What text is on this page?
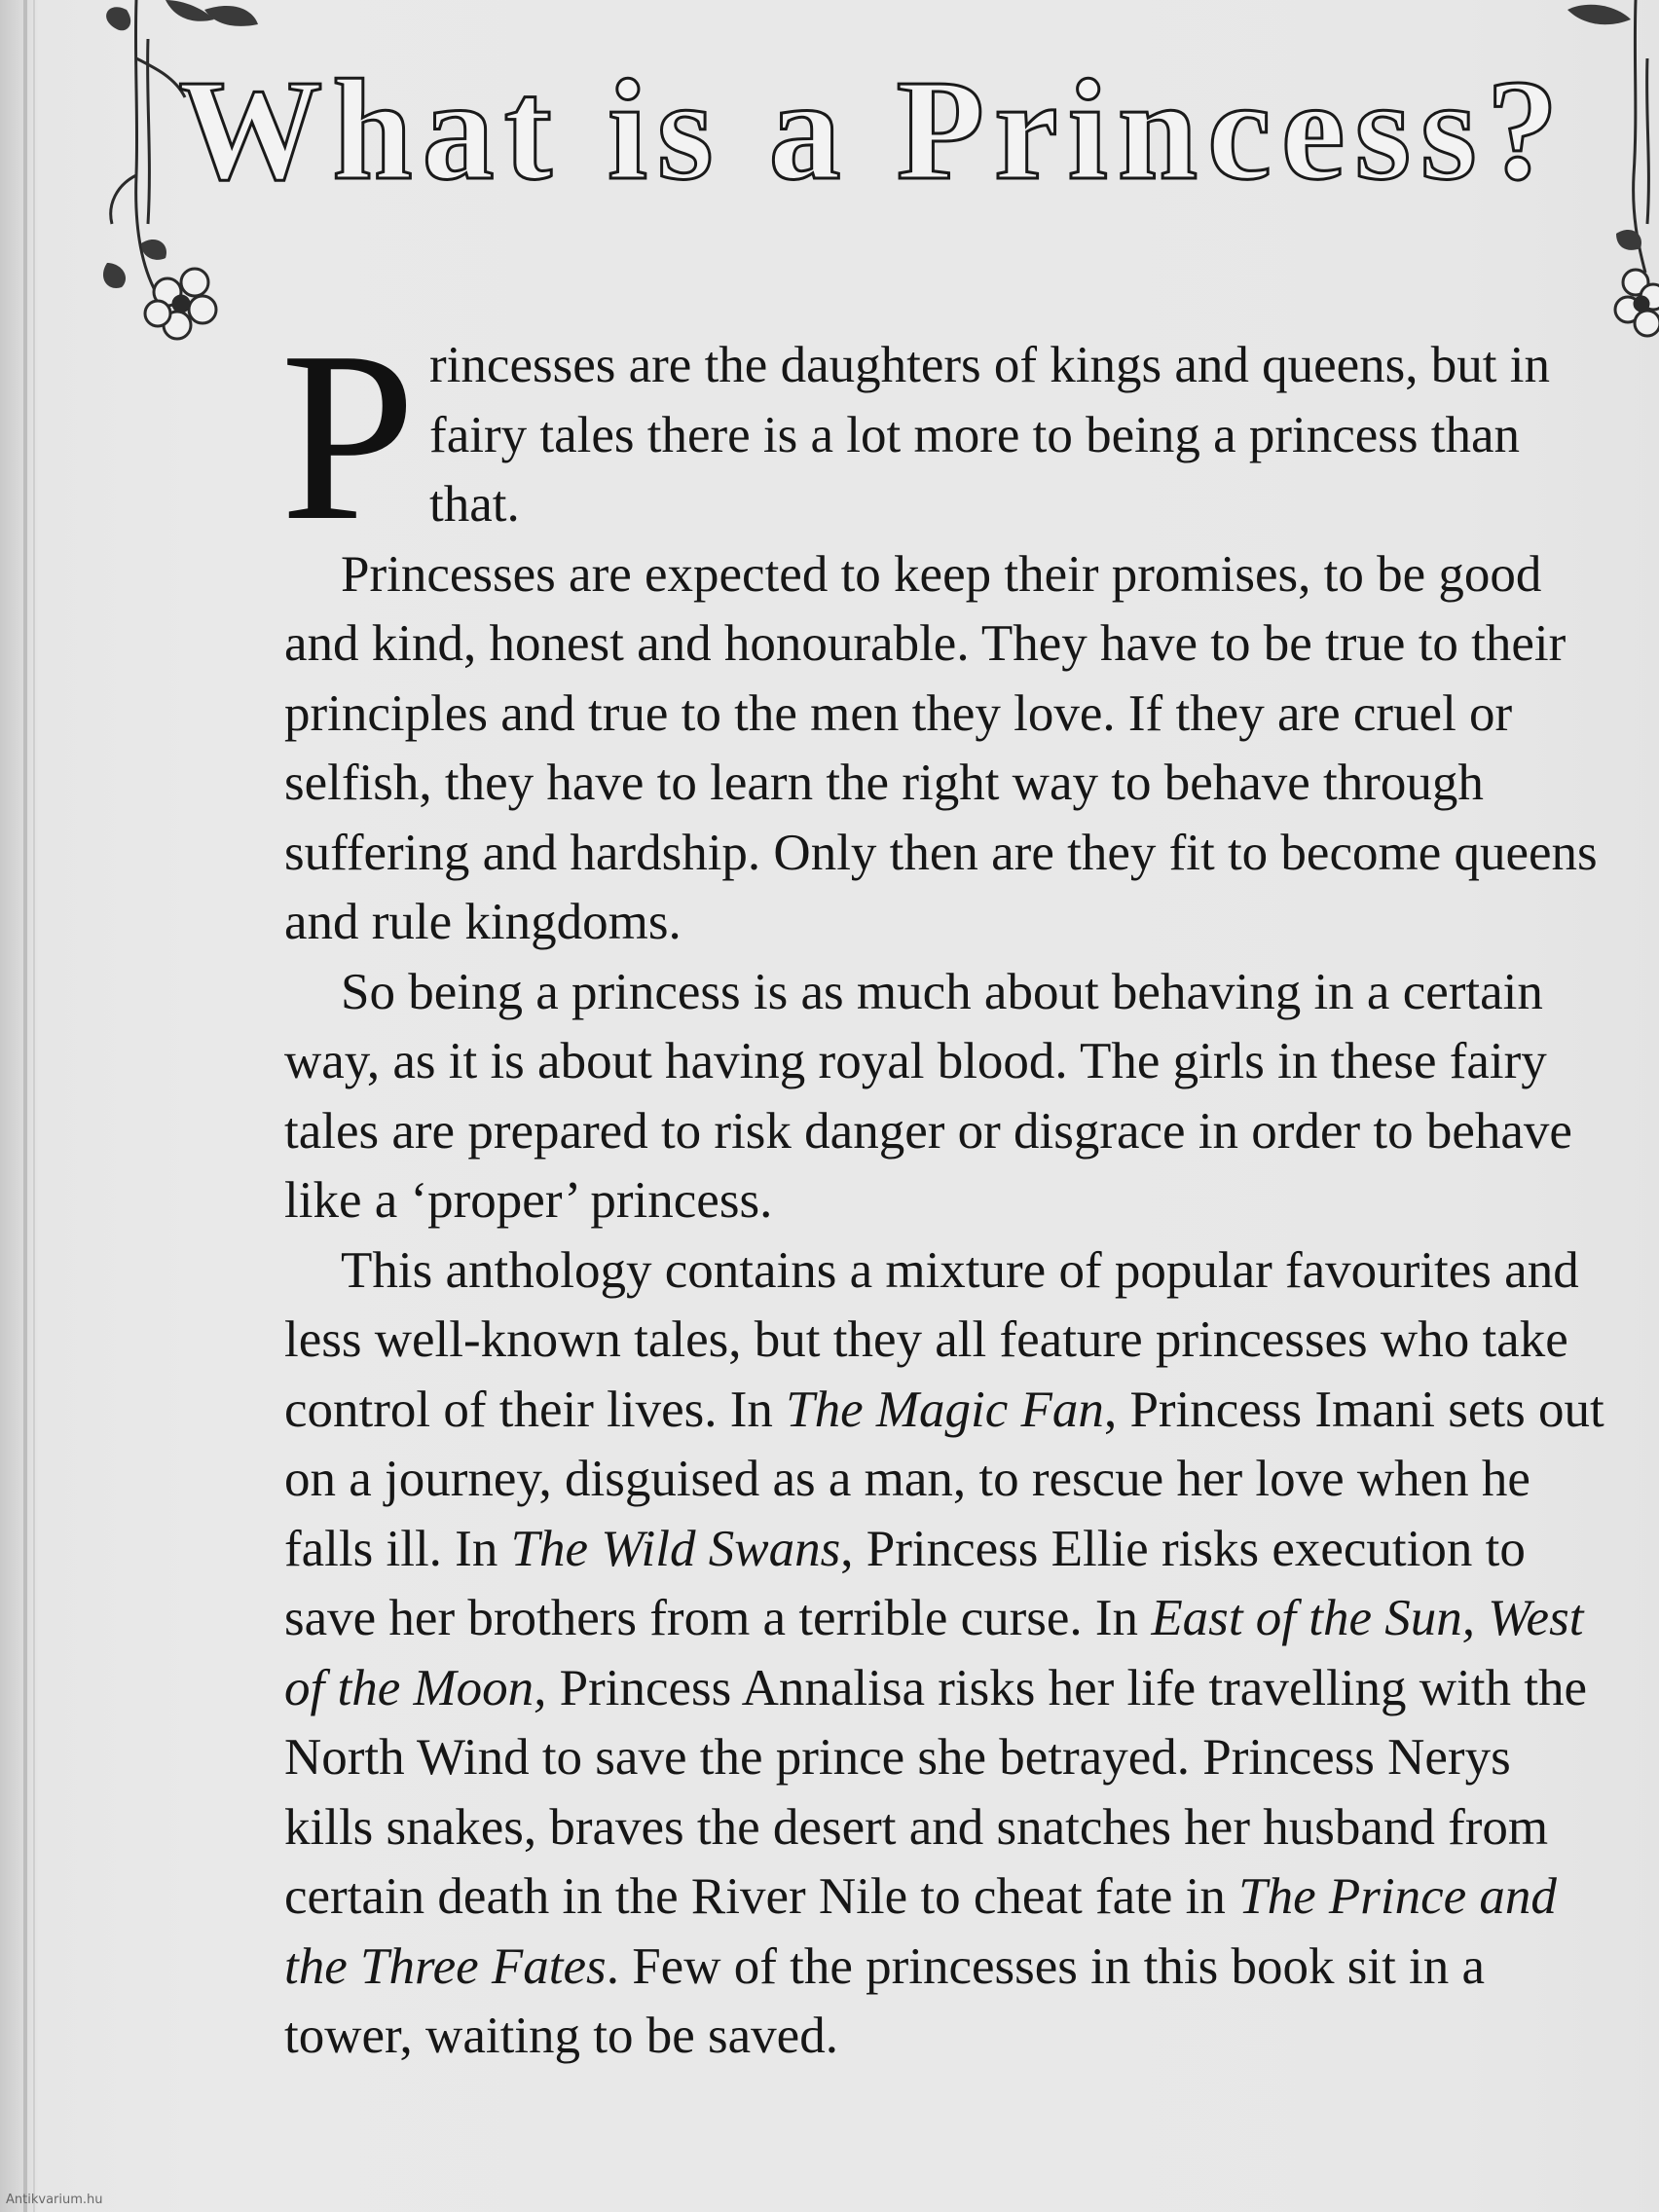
What is a Princess?

Princesses are the daughters of kings and queens, but in fairy tales there is a lot more to being a princess than that.

Princesses are expected to keep their promises, to be good and kind, honest and honourable. They have to be true to their principles and true to the men they love. If they are cruel or selfish, they have to learn the right way to behave through suffering and hardship. Only then are they fit to become queens and rule kingdoms.

So being a princess is as much about behaving in a certain way, as it is about having royal blood. The girls in these fairy tales are prepared to risk danger or disgrace in order to behave like a ‘proper’ princess.

This anthology contains a mixture of popular favourites and less well-known tales, but they all feature princesses who take control of their lives. In The Magic Fan, Princess Imani sets out on a journey, disguised as a man, to rescue her love when he falls ill. In The Wild Swans, Princess Ellie risks execution to save her brothers from a terrible curse. In East of the Sun, West of the Moon, Princess Annalisa risks her life travelling with the North Wind to save the prince she betrayed. Princess Nerys kills snakes, braves the desert and snatches her husband from certain death in the River Nile to cheat fate in The Prince and the Three Fates. Few of the princesses in this book sit in a tower, waiting to be saved.

Antikvarium.hu
